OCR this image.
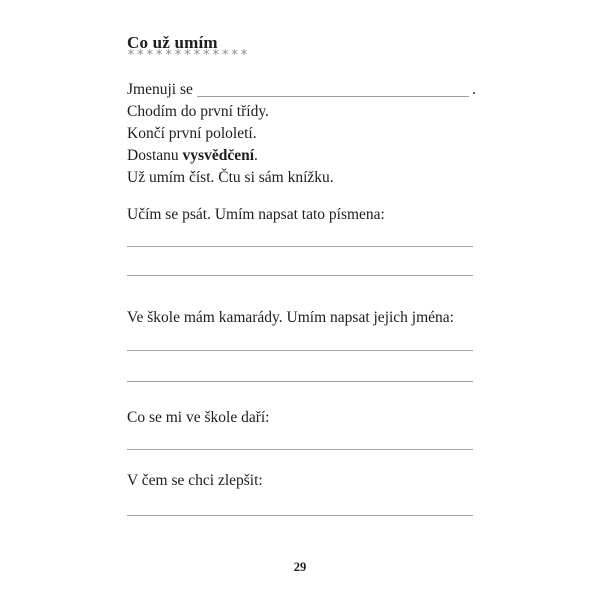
Co už umím
*************
Jmenuji se	.
Chodím do první třídy.
Končí první pololetí.
Dostanu vysvědčení.
Už umím číst. Čtu si sám knížku.
Učím se psát. Umím napsat tato písmena:
Ve škole mám kamarády. Umím napsat jejich jména:
Co se mi ve škole daří:
V čem se chci zlepšit:
29
